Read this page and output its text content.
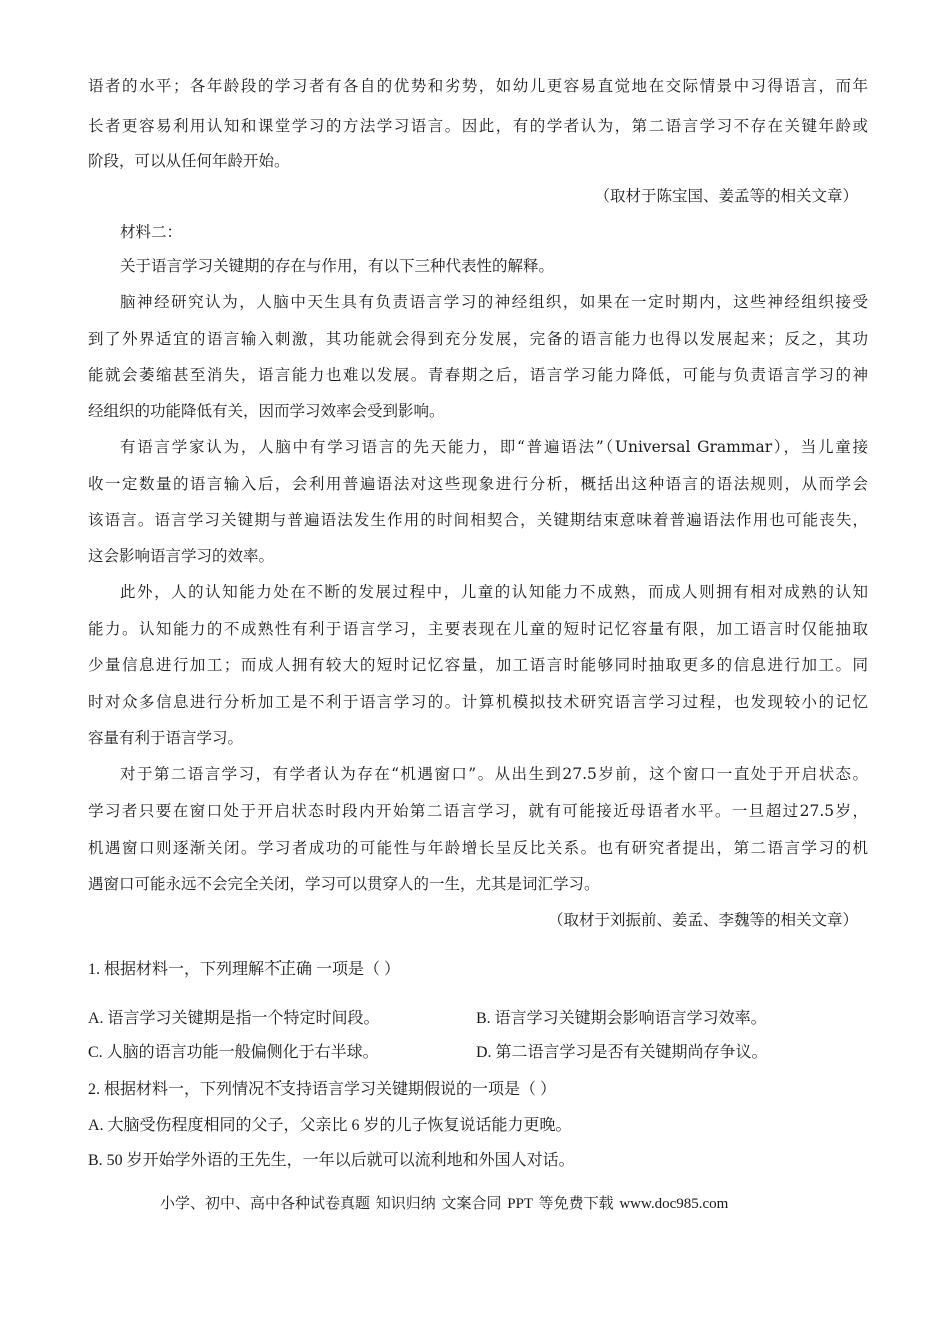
语者的水平；各年龄段的学习者有各自的优势和劣势，如幼儿更容易直觉地在交际情景中习得语言，而年
长者更容易利用认知和课堂学习的方法学习语言。因此，有的学者认为，第二语言学习不存在关键年龄或
阶段，可以从任何年龄开始。
（取材于陈宝国、姜孟等的相关文章）
材料二：
关于语言学习关键期的存在与作用，有以下三种代表性的解释。
脑神经研究认为，人脑中天生具有负责语言学习的神经组织，如果在一定时期内，这些神经组织接受
到了外界适宜的语言输入刺激，其功能就会得到充分发展，完备的语言能力也得以发展起来；反之，其功
能就会萎缩甚至消失，语言能力也难以发展。青春期之后，语言学习能力降低，可能与负责语言学习的神
经组织的功能降低有关，因而学习效率会受到影响。
有语言学家认为，人脑中有学习语言的先天能力，即“普遍语法”（Universal Grammar），当儿童接
收一定数量的语言输入后，会利用普遍语法对这些现象进行分析，概括出这种语言的语法规则，从而学会
该语言。语言学习关键期与普遍语法发生作用的时间相契合，关键期结束意味着普遍语法作用也可能丧失，
这会影响语言学习的效率。
此外，人的认知能力处在不断的发展过程中，儿童的认知能力不成熟，而成人则拥有相对成熟的认知
能力。认知能力的不成熟性有利于语言学习，主要表现在儿童的短时记忆容量有限，加工语言时仅能抽取
少量信息进行加工；而成人拥有较大的短时记忆容量，加工语言时能够同时抽取更多的信息进行加工。同
时对众多信息进行分析加工是不利于语言学习的。计算机模拟技术研究语言学习过程，也发现较小的记忆
容量有利于语言学习。
对于第二语言学习，有学者认为存在“机遇窗口”。从出生到27.5岁前，这个窗口一直处于开启状态。
学习者只要在窗口处于开启状态时段内开始第二语言学习，就有可能接近母语者水平。一旦超过27.5岁，
机遇窗口则逐渐关闭。学习者成功的可能性与年龄增长呈反比关系。也有研究者提出，第二语言学习的机
遇窗口可能永远不会完全关闭，学习可以贯穿人的一生，尤其是词汇学习。
（取材于刘振前、姜孟、李魏等的相关文章）
1. 根据材料一，下列理解• • • 不正确 一项是（ ）
A. 语言学习关键期是指一个特定时间段。	B. 语言学习关键期会影响语言学习效率。
C. 人脑的语言功能一般偏侧化于右半球。	D. 第二语言学习是否有关键期尚存争议。
2. 根据材料一，下列情况• • • 不支持语言学习关键期假说的一项是（ ）
A. 大脑受伤程度相同的父子，父亲比 6 岁的儿子恢复说话能力更晚。
B. 50 岁开始学外语的王先生，一年以后就可以流利地和外国人对话。
小学、初中、高中各种试卷真题 知识归纳 文案合同 PPT 等免费下载 www.doc985.com
